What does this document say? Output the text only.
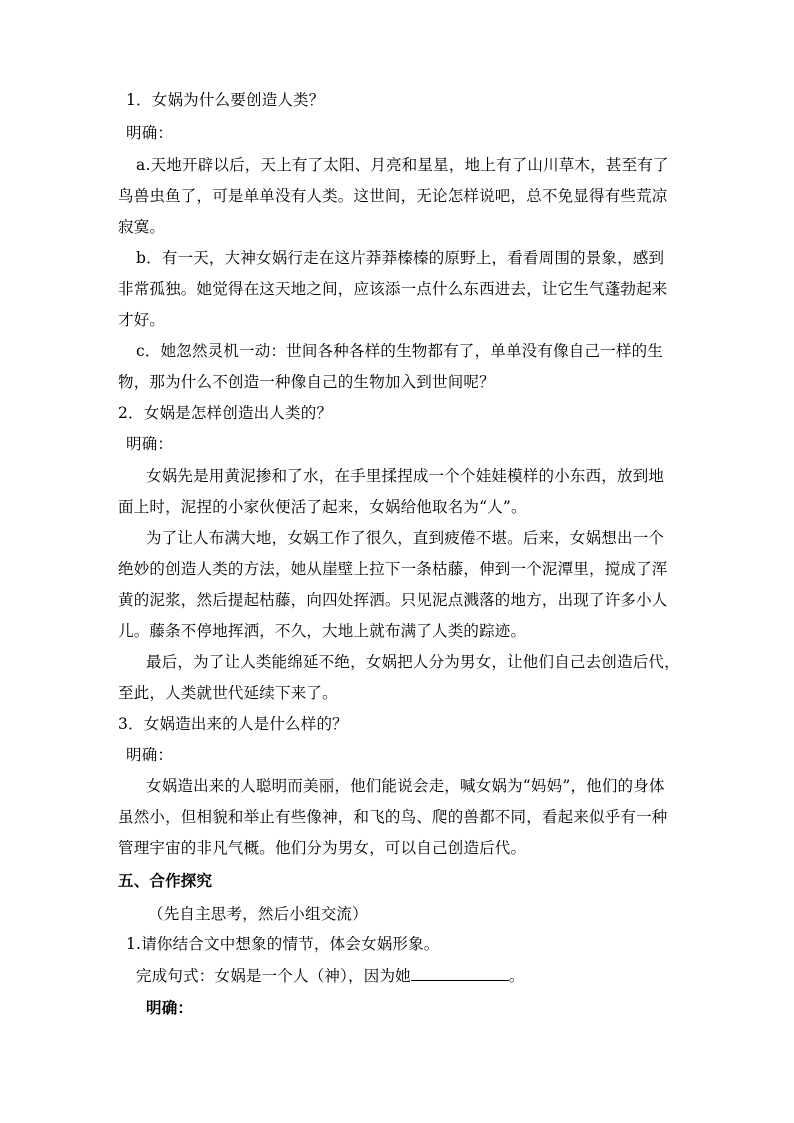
1．女娲为什么要创造人类？
明确：
a.天地开辟以后，天上有了太阳、月亮和星星，地上有了山川草木，甚至有了
鸟兽虫鱼了，可是单单没有人类。这世间，无论怎样说吧，总不免显得有些荒凉
寂寞。
b．有一天，大神女娲行走在这片莽莽榛榛的原野上，看看周围的景象，感到
非常孤独。她觉得在这天地之间，应该添一点什么东西进去，让它生气蓬勃起来
才好。
c．她忽然灵机一动：世间各种各样的生物都有了，单单没有像自己一样的生
物，那为什么不创造一种像自己的生物加入到世间呢？
2．女娲是怎样创造出人类的？
明确：
女娲先是用黄泥掺和了水，在手里揉捏成一个个娃娃模样的小东西，放到地
面上时，泥捏的小家伙便活了起来，女娲给他取名为“人”。
为了让人布满大地，女娲工作了很久，直到疲倦不堪。后来，女娲想出一个
绝妙的创造人类的方法，她从崖壁上拉下一条枯藤，伸到一个泥潭里，搅成了浑
黄的泥浆，然后提起枯藤，向四处挥洒。只见泥点溅落的地方，出现了许多小人
儿。藤条不停地挥洒，不久，大地上就布满了人类的踪迹。
最后，为了让人类能绵延不绝，女娲把人分为男女，让他们自己去创造后代，
至此，人类就世代延续下来了。
3．女娲造出来的人是什么样的？
明确：
女娲造出来的人聪明而美丽，他们能说会走，喊女娲为“妈妈”，他们的身体
虽然小，但相貌和举止有些像神，和飞的鸟、爬的兽都不同，看起来似乎有一种
管理宇宙的非凡气概。他们分为男女，可以自己创造后代。
五、合作探究
（先自主思考，然后小组交流）
1.请你结合文中想象的情节，体会女娲形象。
完成句式：女娲是一个人（神），因为她	。
明确：
